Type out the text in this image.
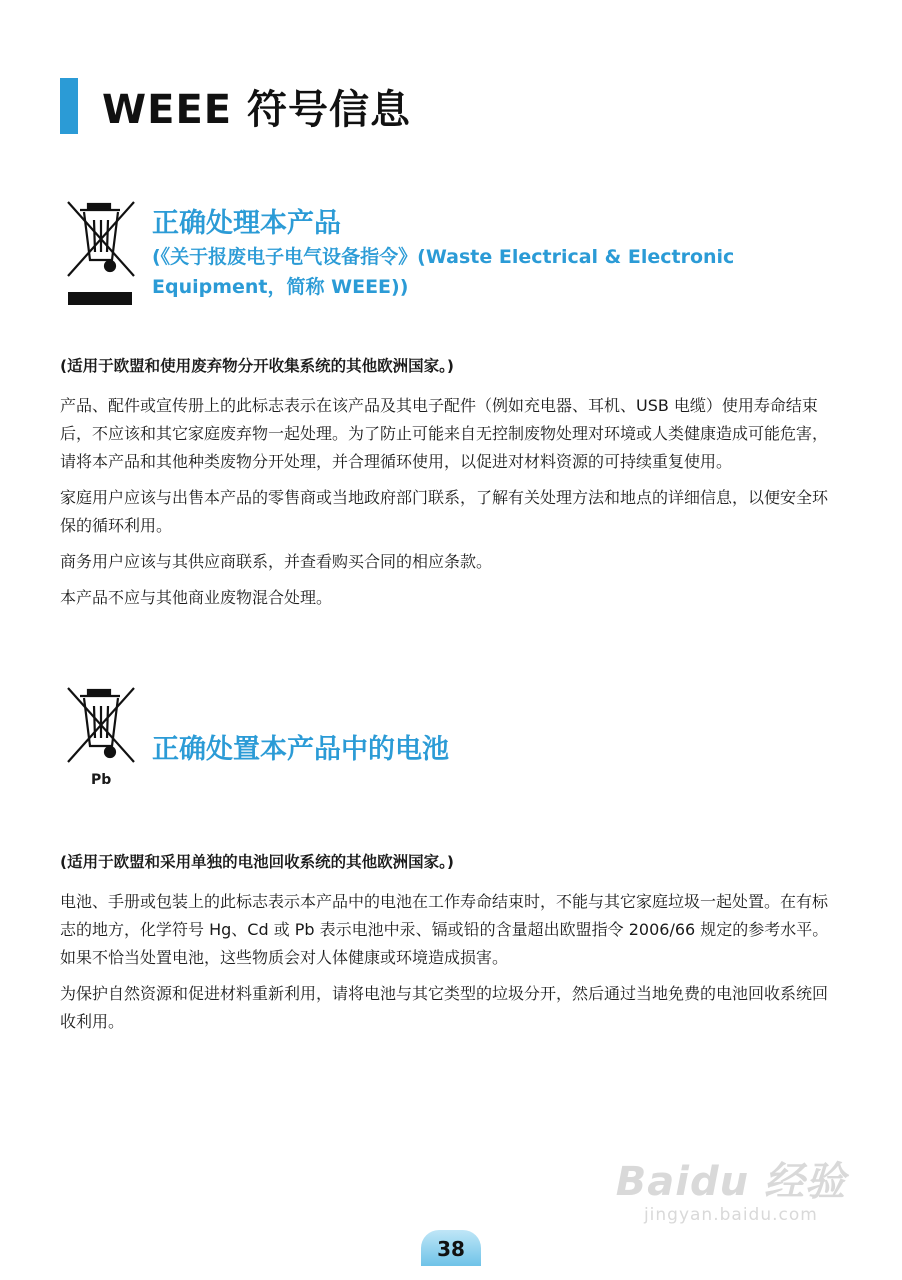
WEEE 符号信息
正确处理本产品
(《关于报废电子电气设备指令》(Waste Electrical & Electronic
Equipment，简称 WEEE))

(适用于欧盟和使用废弃物分开收集系统的其他欧洲国家。)

产品、配件或宣传册上的此标志表示在该产品及其电子配件（例如充电器、耳机、USB 电缆）使用寿命结束后，不应该和其它家庭废弃物一起处理。为了防止可能来自无控制废物处理对环境或人类健康造成可能危害，请将本产品和其他种类废物分开处理，并合理循环使用，以促进对材料资源的可持续重复使用。

家庭用户应该与出售本产品的零售商或当地政府部门联系，了解有关处理方法和地点的详细信息，以便安全环保的循环利用。

商务用户应该与其供应商联系，并查看购买合同的相应条款。

本产品不应与其他商业废物混合处理。

Pb
正确处置本产品中的电池

(适用于欧盟和采用单独的电池回收系统的其他欧洲国家。)

电池、手册或包装上的此标志表示本产品中的电池在工作寿命结束时，不能与其它家庭垃圾一起处置。在有标志的地方，化学符号 Hg、Cd 或 Pb 表示电池中汞、镉或铅的含量超出欧盟指令 2006/66 规定的参考水平。如果不恰当处置电池，这些物质会对人体健康或环境造成损害。

为保护自然资源和促进材料重新利用，请将电池与其它类型的垃圾分开，然后通过当地免费的电池回收系统回收利用。

Baidu 经验
jingyan.baidu.com
38
